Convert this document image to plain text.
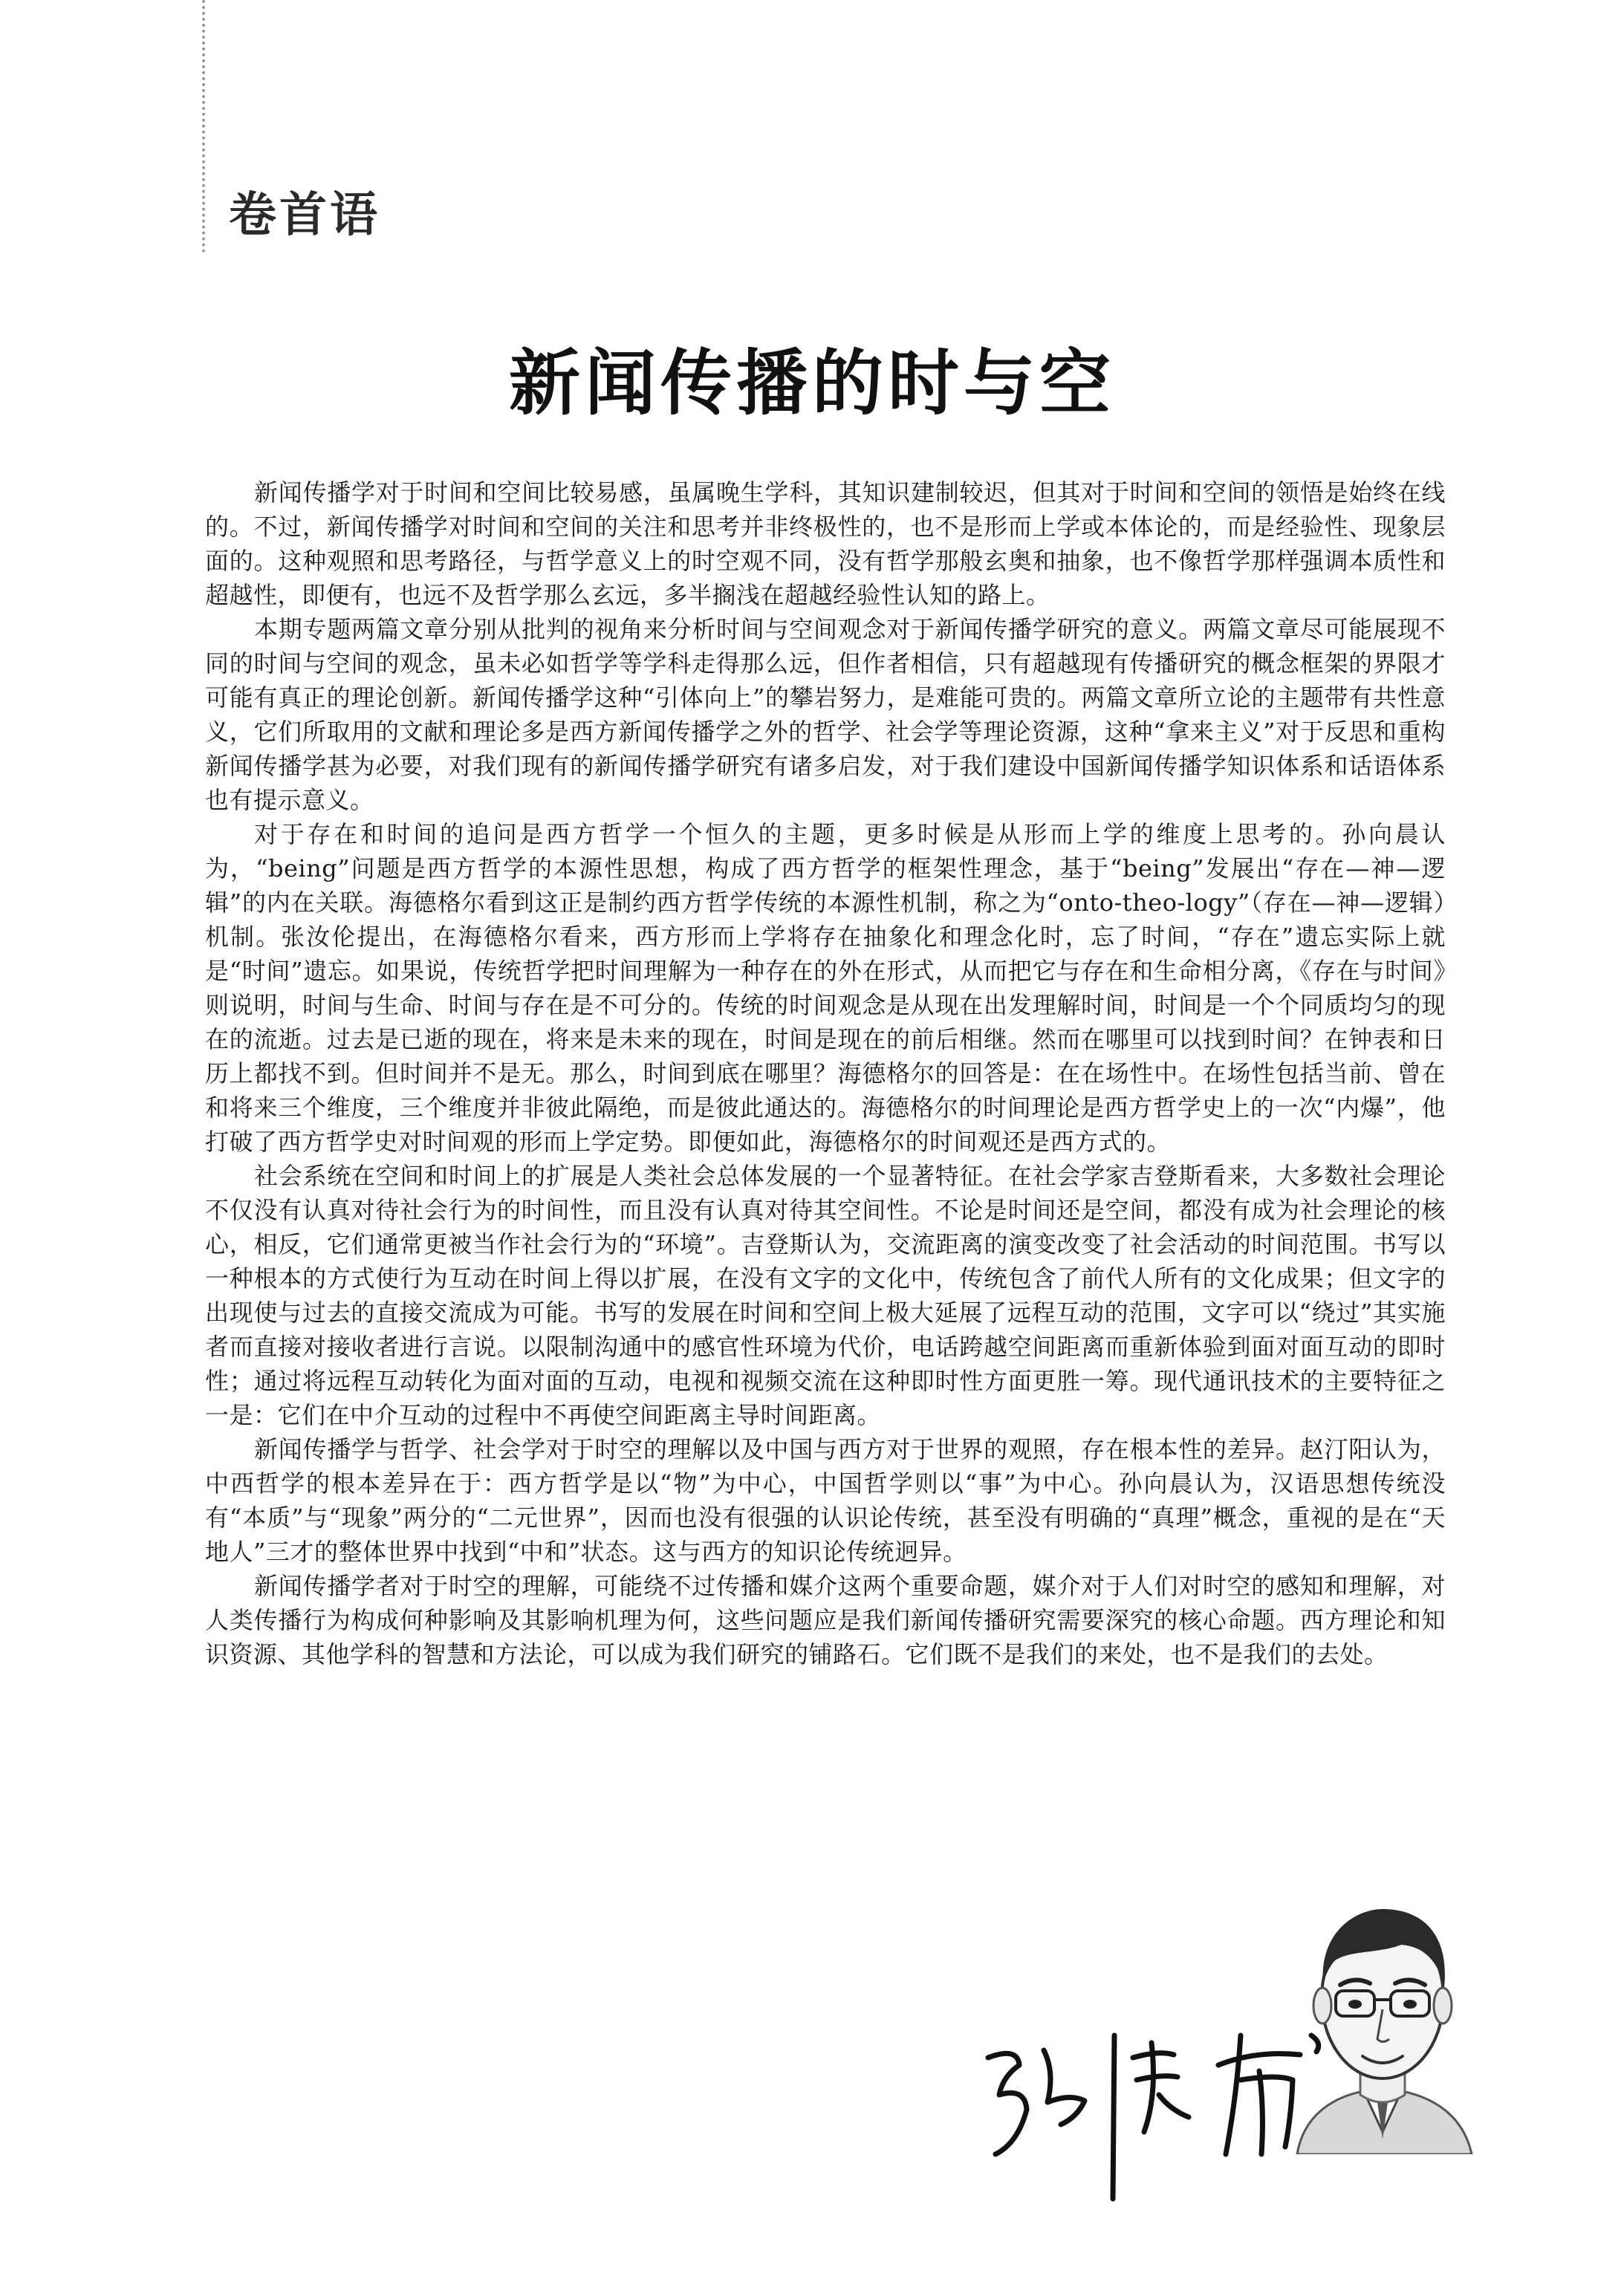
卷首语
新闻传播的时与空

新闻传播学对于时间和空间比较易感，虽属晚生学科，其知识建制较迟，但其对于时间和空间的领悟是始终在线的。不过，新闻传播学对时间和空间的关注和思考并非终极性的，也不是形而上学或本体论的，而是经验性、现象层面的。这种观照和思考路径，与哲学意义上的时空观不同，没有哲学那般玄奥和抽象，也不像哲学那样强调本质性和超越性，即便有，也远不及哲学那么玄远，多半搁浅在超越经验性认知的路上。

本期专题两篇文章分别从批判的视角来分析时间与空间观念对于新闻传播学研究的意义。两篇文章尽可能展现不同的时间与空间的观念，虽未必如哲学等学科走得那么远，但作者相信，只有超越现有传播研究的概念框架的界限才可能有真正的理论创新。新闻传播学这种“引体向上”的攀岩努力，是难能可贵的。两篇文章所立论的主题带有共性意义，它们所取用的文献和理论多是西方新闻传播学之外的哲学、社会学等理论资源，这种“拿来主义”对于反思和重构新闻传播学甚为必要，对我们现有的新闻传播学研究有诸多启发，对于我们建设中国新闻传播学知识体系和话语体系也有提示意义。

对于存在和时间的追问是西方哲学一个恒久的主题，更多时候是从形而上学的维度上思考的。孙向晨认为，“being”问题是西方哲学的本源性思想，构成了西方哲学的框架性理念，基于“being”发展出“存在—神—逻辑”的内在关联。海德格尔看到这正是制约西方哲学传统的本源性机制，称之为“onto-theo-logy”（存在—神—逻辑）机制。张汝伦提出，在海德格尔看来，西方形而上学将存在抽象化和理念化时，忘了时间，“存在”遗忘实际上就是“时间”遗忘。如果说，传统哲学把时间理解为一种存在的外在形式，从而把它与存在和生命相分离，《存在与时间》则说明，时间与生命、时间与存在是不可分的。传统的时间观念是从现在出发理解时间，时间是一个个同质均匀的现在的流逝。过去是已逝的现在，将来是未来的现在，时间是现在的前后相继。然而在哪里可以找到时间？在钟表和日历上都找不到。但时间并不是无。那么，时间到底在哪里？海德格尔的回答是：在在场性中。在场性包括当前、曾在和将来三个维度，三个维度并非彼此隔绝，而是彼此通达的。海德格尔的时间理论是西方哲学史上的一次“内爆”，他打破了西方哲学史对时间观的形而上学定势。即便如此，海德格尔的时间观还是西方式的。

社会系统在空间和时间上的扩展是人类社会总体发展的一个显著特征。在社会学家吉登斯看来，大多数社会理论不仅没有认真对待社会行为的时间性，而且没有认真对待其空间性。不论是时间还是空间，都没有成为社会理论的核心，相反，它们通常更被当作社会行为的“环境”。吉登斯认为，交流距离的演变改变了社会活动的时间范围。书写以一种根本的方式使行为互动在时间上得以扩展，在没有文字的文化中，传统包含了前代人所有的文化成果；但文字的出现使与过去的直接交流成为可能。书写的发展在时间和空间上极大延展了远程互动的范围，文字可以“绕过”其实施者而直接对接收者进行言说。以限制沟通中的感官性环境为代价，电话跨越空间距离而重新体验到面对面互动的即时性；通过将远程互动转化为面对面的互动，电视和视频交流在这种即时性方面更胜一筹。现代通讯技术的主要特征之一是：它们在中介互动的过程中不再使空间距离主导时间距离。

新闻传播学与哲学、社会学对于时空的理解以及中国与西方对于世界的观照，存在根本性的差异。赵汀阳认为，中西哲学的根本差异在于：西方哲学是以“物”为中心，中国哲学则以“事”为中心。孙向晨认为，汉语思想传统没有“本质”与“现象”两分的“二元世界”，因而也没有很强的认识论传统，甚至没有明确的“真理”概念，重视的是在“天地人”三才的整体世界中找到“中和”状态。这与西方的知识论传统迥异。

新闻传播学者对于时空的理解，可能绕不过传播和媒介这两个重要命题，媒介对于人们对时空的感知和理解，对人类传播行为构成何种影响及其影响机理为何，这些问题应是我们新闻传播研究需要深究的核心命题。西方理论和知识资源、其他学科的智慧和方法论，可以成为我们研究的铺路石。它们既不是我们的来处，也不是我们的去处。
